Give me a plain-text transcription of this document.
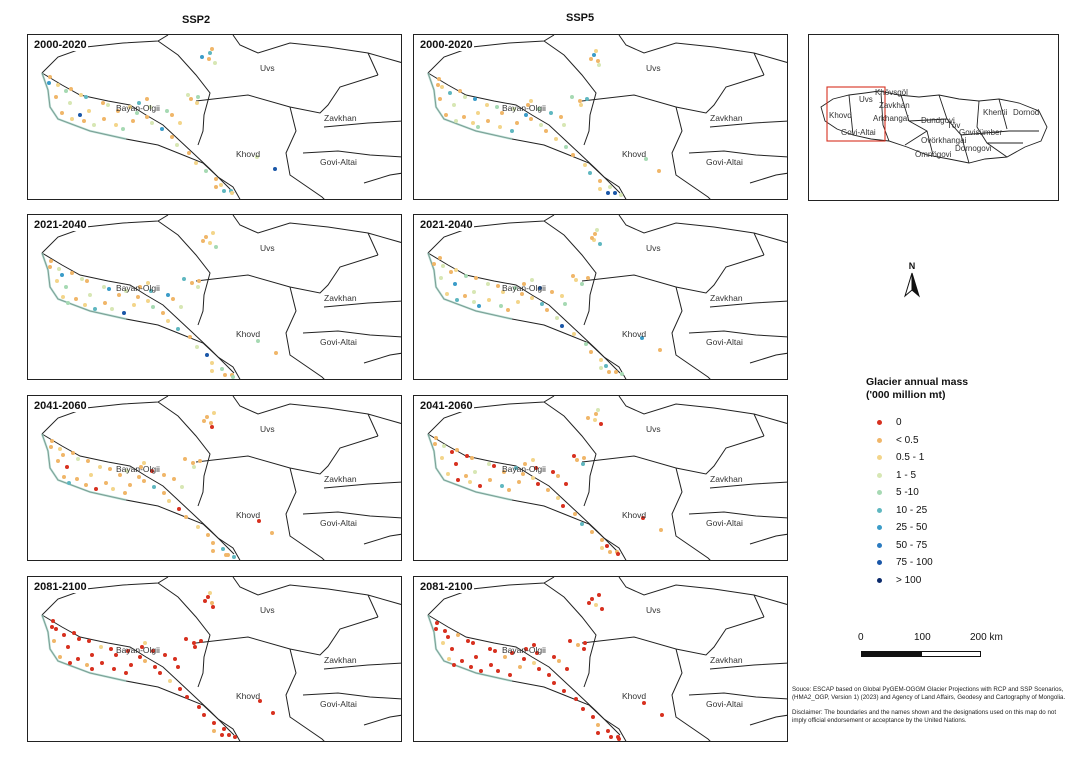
SSP2	SSP5
Uvs
Bayan-Olgii
Khovd
Zavkhan
Govi-Altai
2000-2020
Uvs
Bayan-Olgii
Khovd
Zavkhan
Govi-Altai
2000-2020
Uvs
Bayan-Olgii
Khovd
Zavkhan
Govi-Altai
2021-2040
Uvs
Bayan-Olgii
Khovd
Zavkhan
Govi-Altai
2021-2040
Uvs
Bayan-Olgii
Khovd
Zavkhan
Govi-Altai
2041-2060
Uvs
Bayan-Olgii
Khovd
Zavkhan
Govi-Altai
2041-2060
Uvs
Bayan-Olgii
Khovd
Zavkhan
Govi-Altai
2081-2100
Uvs
Bayan-Olgii
Khovd
Zavkhan
Govi-Altai
2081-2100
Khövsgöl
Uvs
Zavkhan
Arkhangai
Khovd
Govi-Altai
Ovörkhangai
Töv
Khentii Dornod
Govisümber
Dundgovi
Ömnögovi
Dornogovi
N
Glacier annual mass
('000 million mt)
0
< 0.5
0.5 - 1
1 - 5
5 -10
10 - 25
25 - 50
50 - 75
75 - 100
> 100
0	100	200 km

Souce: ESCAP based on Global PyGEM-OGGM Glacier Projections with RCP and SSP Scenarios, (HMA2_OGP, Version 1) (2023) and Agency of Land Affairs, Geodesy and Cartography of Mongolia.

Disclaimer: The boundaries and the names shown and the designations used on this map do not imply official endorsement or acceptance by the United Nations.
